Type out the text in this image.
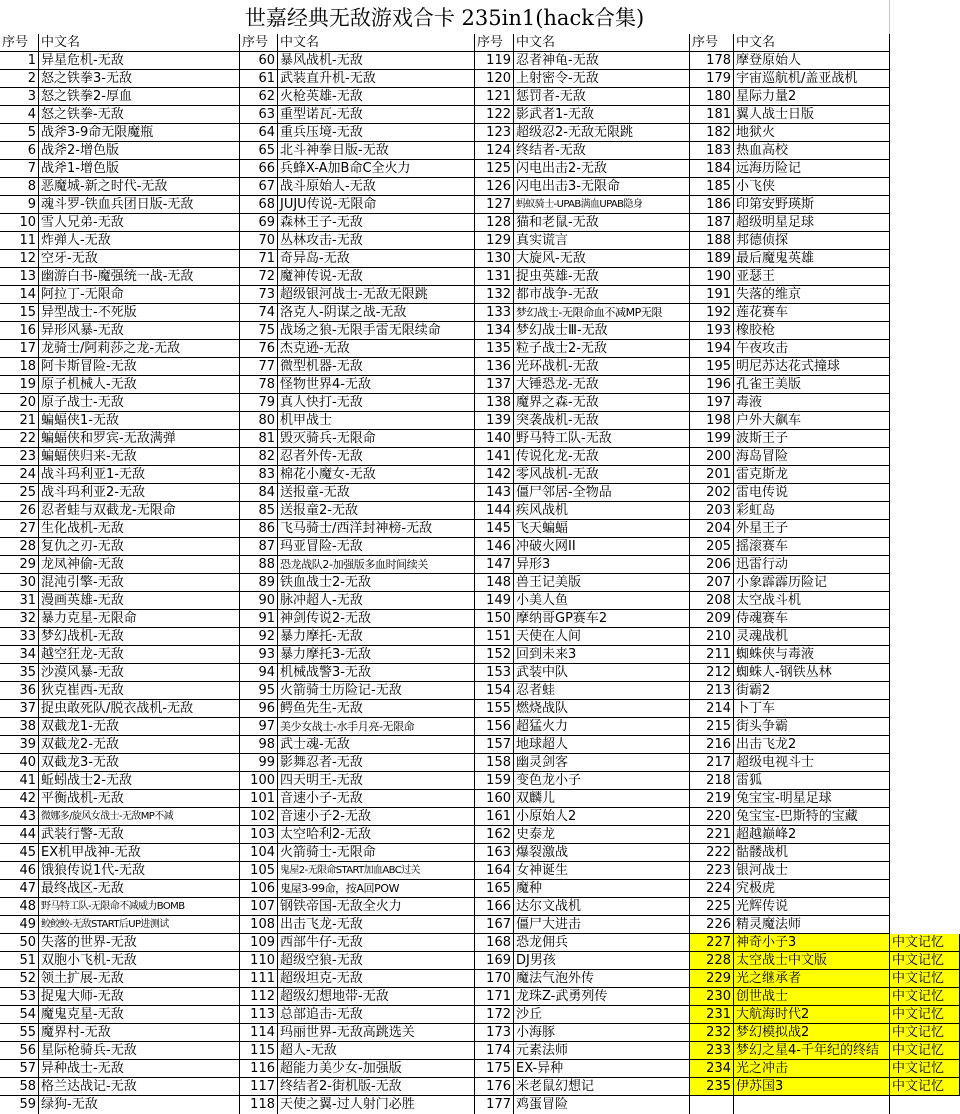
世嘉经典无敌游戏合卡 235in1(hack合集)
序号 中文名	序号 中文名	序号 中文名	序号	中文名
1 异星危机-无敌	60 暴风战机-无敌	119 忍者神龟-无敌	178 摩登原始人
2 怒之铁拳3-无敌	61 武装直升机-无敌	120 上射密令-无敌	179 宇宙巡航机/盖亚战机
3 怒之铁拳2-厚血	62 火枪英雄-无敌	121 惩罚者-无敌	180 星际力量2
4 怒之铁拳-无敌	63 重型诺瓦-无敌	122 影武者1-无敌	181 翼人战士日版
5 战斧3-9命无限魔瓶	64 重兵压境-无敌	123 超级忍2-无敌无限跳	182 地狱火
6 战斧2-增色版	65 北斗神拳日版-无敌	124 终结者-无敌	183 热血高校
7 战斧1-增色版	66 兵蜂X-A加B命C全火力	125 闪电出击2-无敌	184 远海历险记
8 恶魔城-新之时代-无敌	67 战斗原始人-无敌	126 闪电出击3-无限命	185 小飞侠
9 魂斗罗-铁血兵团日版-无敌	68 JUJU传说-无限命	127 蚂蚁骑士-UPAB满血UPAB隐身	186 印第安野瑛斯
10 雪人兄弟-无敌	69 森林王子-无敌	128 猫和老鼠-无敌	187 超级明星足球
11 炸弹人-无敌	70 丛林攻击-无敌	129 真实谎言	188 邦德侦探
12 空牙-无敌	71 奇异岛-无敌	130 大旋风-无敌	189 最后魔鬼英雄
13 幽游白书-魔强统一战-无敌	72 魔神传说-无敌	131 捉虫英雄-无敌	190 亚瑟王
14 阿拉丁-无限命	73 超级银河战士-无敌无限跳	132 都市战争-无敌	191 失落的维京
15 异型战士-不死版	74 洛克人-阴谋之战-无敌	133 梦幻战士-无限命血不减MP无限	192 莲花赛车
16 异形风暴-无敌	75 战场之狼-无限手雷无限续命	134 梦幻战士Ⅲ-无敌	193 橡胶枪
17 龙骑士/阿莉莎之龙-无敌	76 杰克逊-无敌	135 粒子战士2-无敌	194 午夜攻击
18 阿卡斯冒险-无敌	77 微型机器-无敌	136 光环战机-无敌	195 明尼苏达花式撞球
19 原子机械人-无敌	78 怪物世界4-无敌	137 大锤恐龙-无敌	196 孔雀王美版
20 原子战士-无敌	79 真人快打-无敌	138 魔界之森-无敌	197 毒液
21 蝙蝠侠1-无敌	80 机甲战士	139 突袭战机-无敌	198 户外大飙车
22 蝙蝠侠和罗宾-无敌满弹	81 毁灭骑兵-无限命	140 野马特工队-无敌	199 波斯王子
23 蝙蝠侠归来-无敌	82 忍者外传-无敌	141 传说化龙-无敌	200 海岛冒险
24 战斗玛利亚1-无敌	83 棉花小魔女-无敌	142 零风战机-无敌	201 雷克斯龙
25 战斗玛利亚2-无敌	84 送报童-无敌	143 僵尸邻居-全物品	202 雷电传说
26 忍者蛙与双截龙-无限命	85 送报童2-无敌	144 疾风战机	203 彩虹岛
27 生化战机-无敌	86 飞马骑士/西洋封神榜-无敌	145 飞天蝙蝠	204 外星王子
28 复仇之刃-无敌	87 玛亚冒险-无敌	146 冲破火网II	205 摇滚赛车
29 龙凤神偷-无敌	88 恐龙战队2-加强版多血时间续关	147 异形3	206 迅雷行动
30 混沌引擎-无敌	89 铁血战士2-无敌	148 兽王记美版	207 小象霹霹历险记
31 漫画英雄-无敌	90 脉冲超人-无敌	149 小美人鱼	208 太空战斗机
32 暴力克星-无限命	91 神剑传说2-无敌	150 摩纳哥GP赛车2	209 侍魂赛车
33 梦幻战机-无敌	92 暴力摩托-无敌	151 天使在人间	210 灵魂战机
34 越空狂龙-无敌	93 暴力摩托3-无敌	152 回到未来3	211 蜘蛛侠与毒液
35 沙漠风暴-无敌	94 机械战警3-无敌	153 武装中队	212 蜘蛛人-钢铁丛林
36 狄克崔西-无敌	95 火箭骑士历险记-无敌	154 忍者蛙	213 街霸2
37 捉虫敢死队/脱衣战机-无敌	96 鳄鱼先生-无敌	155 燃烧战队	214 卜丁车
38 双截龙1-无敌	97 美少女战士-水手月亮-无限命	156 超猛火力	215 街头争霸
39 双截龙2-无敌	98 武士魂-无敌	157 地球超人	216 出击飞龙2
40 双截龙3-无敌	99 影舞忍者-无敌	158 幽灵剑客	217 超级电视斗士
41 蚯蚓战士2-无敌	100 四天明王-无敌	159 变色龙小子	218 雷狐
42 平衡战机-无敌	101 音速小子-无敌	160 双麟儿	219 兔宝宝-明星足球
43 微娜多/旋风女战士-无敌MP不减	102 音速小子2-无敌	161 小原始人2	220 兔宝宝-巴斯特的宝藏
44 武装行警-无敌	103 太空哈利2-无敌	162 史泰龙	221 超越巅峰2
45 EX机甲战神-无敌	104 火箭骑士-无限命	163 爆裂激战	222 骷髅战机
46 饿狼传说1代-无敌	105 鬼屋2-无限命START加血ABC过关	164 女神诞生	223 银河战士
47 最终战区-无敌	106 鬼屋3-99命，按A回POW	165 魔种	224 究极虎
48 野马特工队-无限命不减威力BOMB	107 钢铁帝国-无敌全火力	166 达尔文战机	225 光辉传说
49 鲛鲛鲛-无敌START后UP进测试	108 出击飞龙-无敌	167 僵尸大进击	226 精灵魔法师
50 失落的世界-无敌	109 西部牛仔-无敌	168 恐龙佣兵	227 神奇小子3	中文记忆
51 双胞小飞机-无敌	110 超级空狼-无敌	169 DJ男孩	228 太空战士中文版	中文记忆
52 领土扩展-无敌	111 超级坦克-无敌	170 魔法气泡外传	229 光之继承者	中文记忆
53 捉鬼大师-无敌	112 超级幻想地带-无敌	171 龙珠Z-武勇列传	230 创世战士	中文记忆
54 魔鬼克星-无敌	113 总部追击-无敌	172 沙丘	231 大航海时代2	中文记忆
55 魔界村-无敌	114 玛丽世界-无敌高跳选关	173 小海豚	232 梦幻模拟战2	中文记忆
56 星际枪骑兵-无敌	115 超人-无敌	174 元素法师	233 梦幻之星4-千年纪的终结	中文记忆
57 异种战士-无敌	116 超能力美少女-加强版	175 EX-异种	234 光之冲击	中文记忆
58 格兰达战记-无敌	117 终结者2-街机版-无敌	176 米老鼠幻想记	235 伊苏国3	中文记忆
59 绿狗-无敌	118 天使之翼-过人射门必胜	177 鸡蛋冒险
